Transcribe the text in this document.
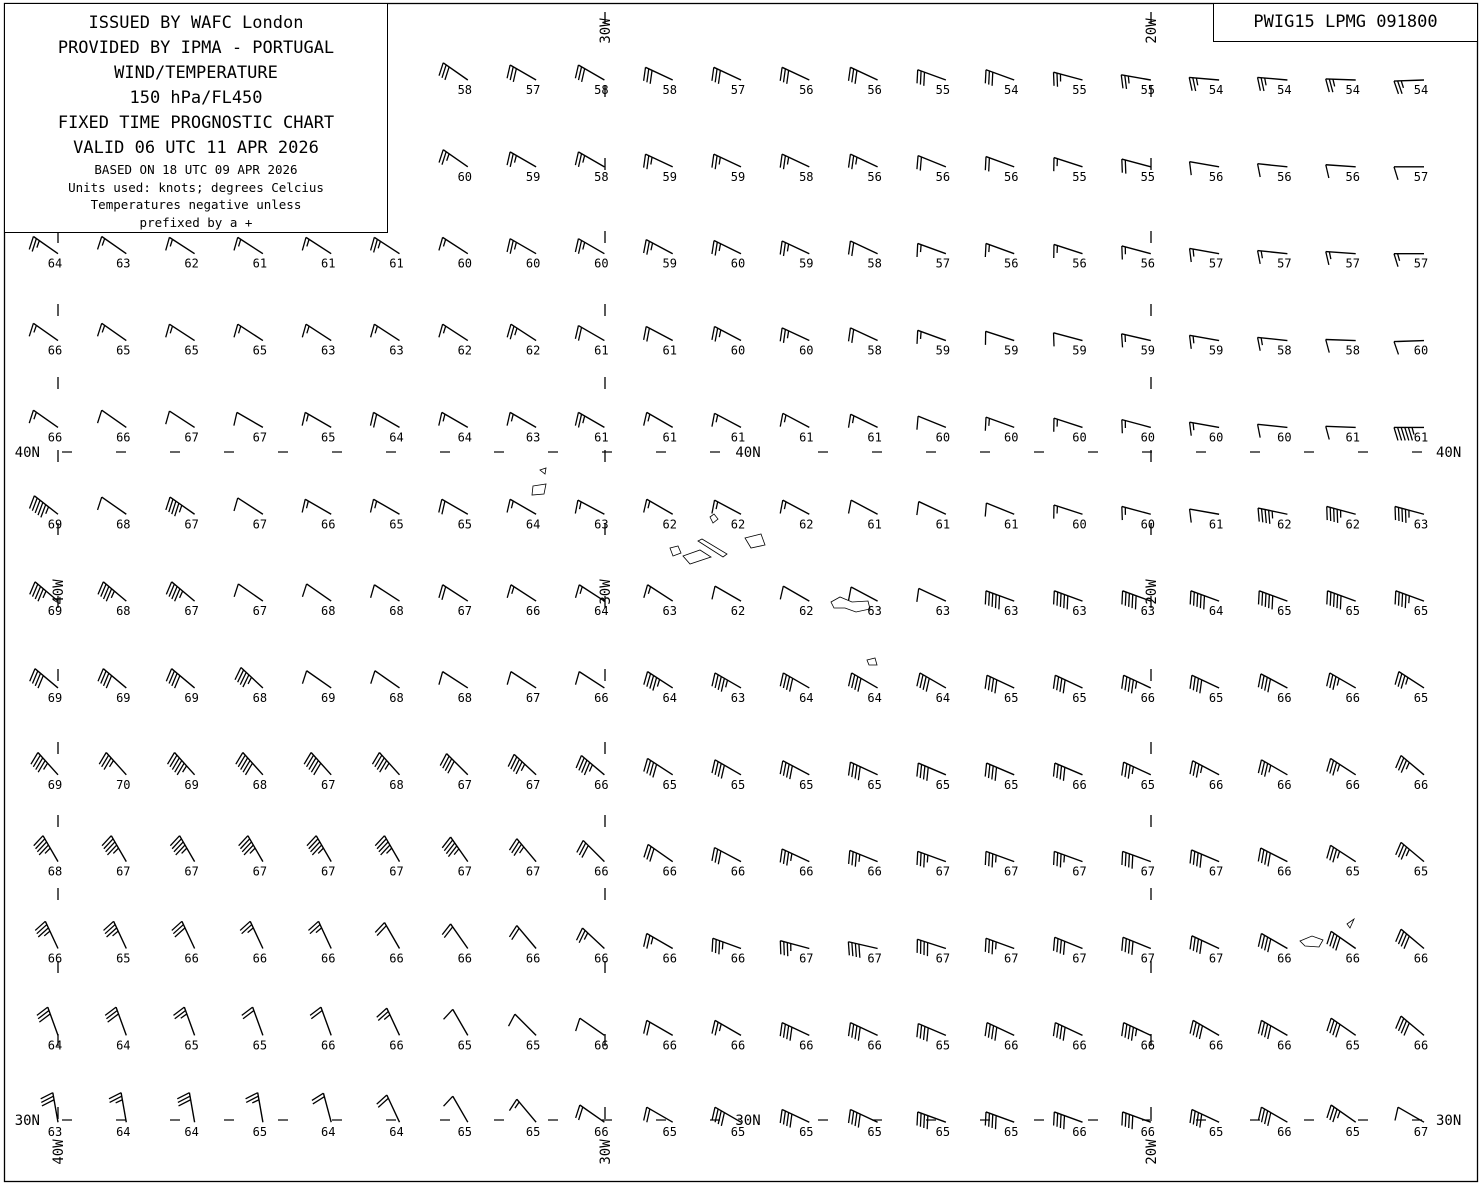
58	57	58	58	57	56	56	55	54	55	55	54	54	54	54
60	59	58	59	59	58	56	56	56	55	55	56	56	56	57
64	63	62	61	61	61	60	60	60	59	60	59	58	57	56	56	56	57	57	57	57
66	65	65	65	63	63	62	62	61	61	60	60	58	59	59	59	59	59	58	58	60
66	66	67	67	65	64	64	63	61	61	61	61	61	60	60	60	60	60	60	61	61
69	68	67	67	66	65	65	64	63	62	62	62	61	61	61	60	60	61	62	62	63
69	68	67	67	68	68	67	66	64	63	62	62	63	63	63	63	63	64	65	65	65
69	69	69	68	69	68	68	67	66	64	63	64	64	64	65	65	66	65	66	66	65
69	70	69	68	67	68	67	67	66	65	65	65	65	65	65	66	65	66	66	66	66
68	67	67	67	67	67	67	67	66	66	66	66	66	67	67	67	67	67	66	65	65
66	65	66	66	66	66	66	66	66	66	66	67	67	67	67	67	67	67	66	66	66
64	64	65	65	66	66	65	65	66	66	66	66	66	65	66	66	66	66	66	65	66
63	64	64	65	64	64	65	65	66	65	65	65	65	65	65	66	66	65	66	65	67
40W
40W
30W
30W
30W
20W
20W
20W
40N	40N	40N
30N	30N	30N
ISSUED BY WAFC London
PROVIDED BY IPMA - PORTUGAL
WIND/TEMPERATURE
150 hPa/FL450
FIXED TIME PROGNOSTIC CHART
VALID 06 UTC 11 APR 2026
BASED ON 18 UTC 09 APR 2026
Units used: knots; degrees Celcius
Temperatures negative unless
prefixed by a +
PWIG15 LPMG 091800
